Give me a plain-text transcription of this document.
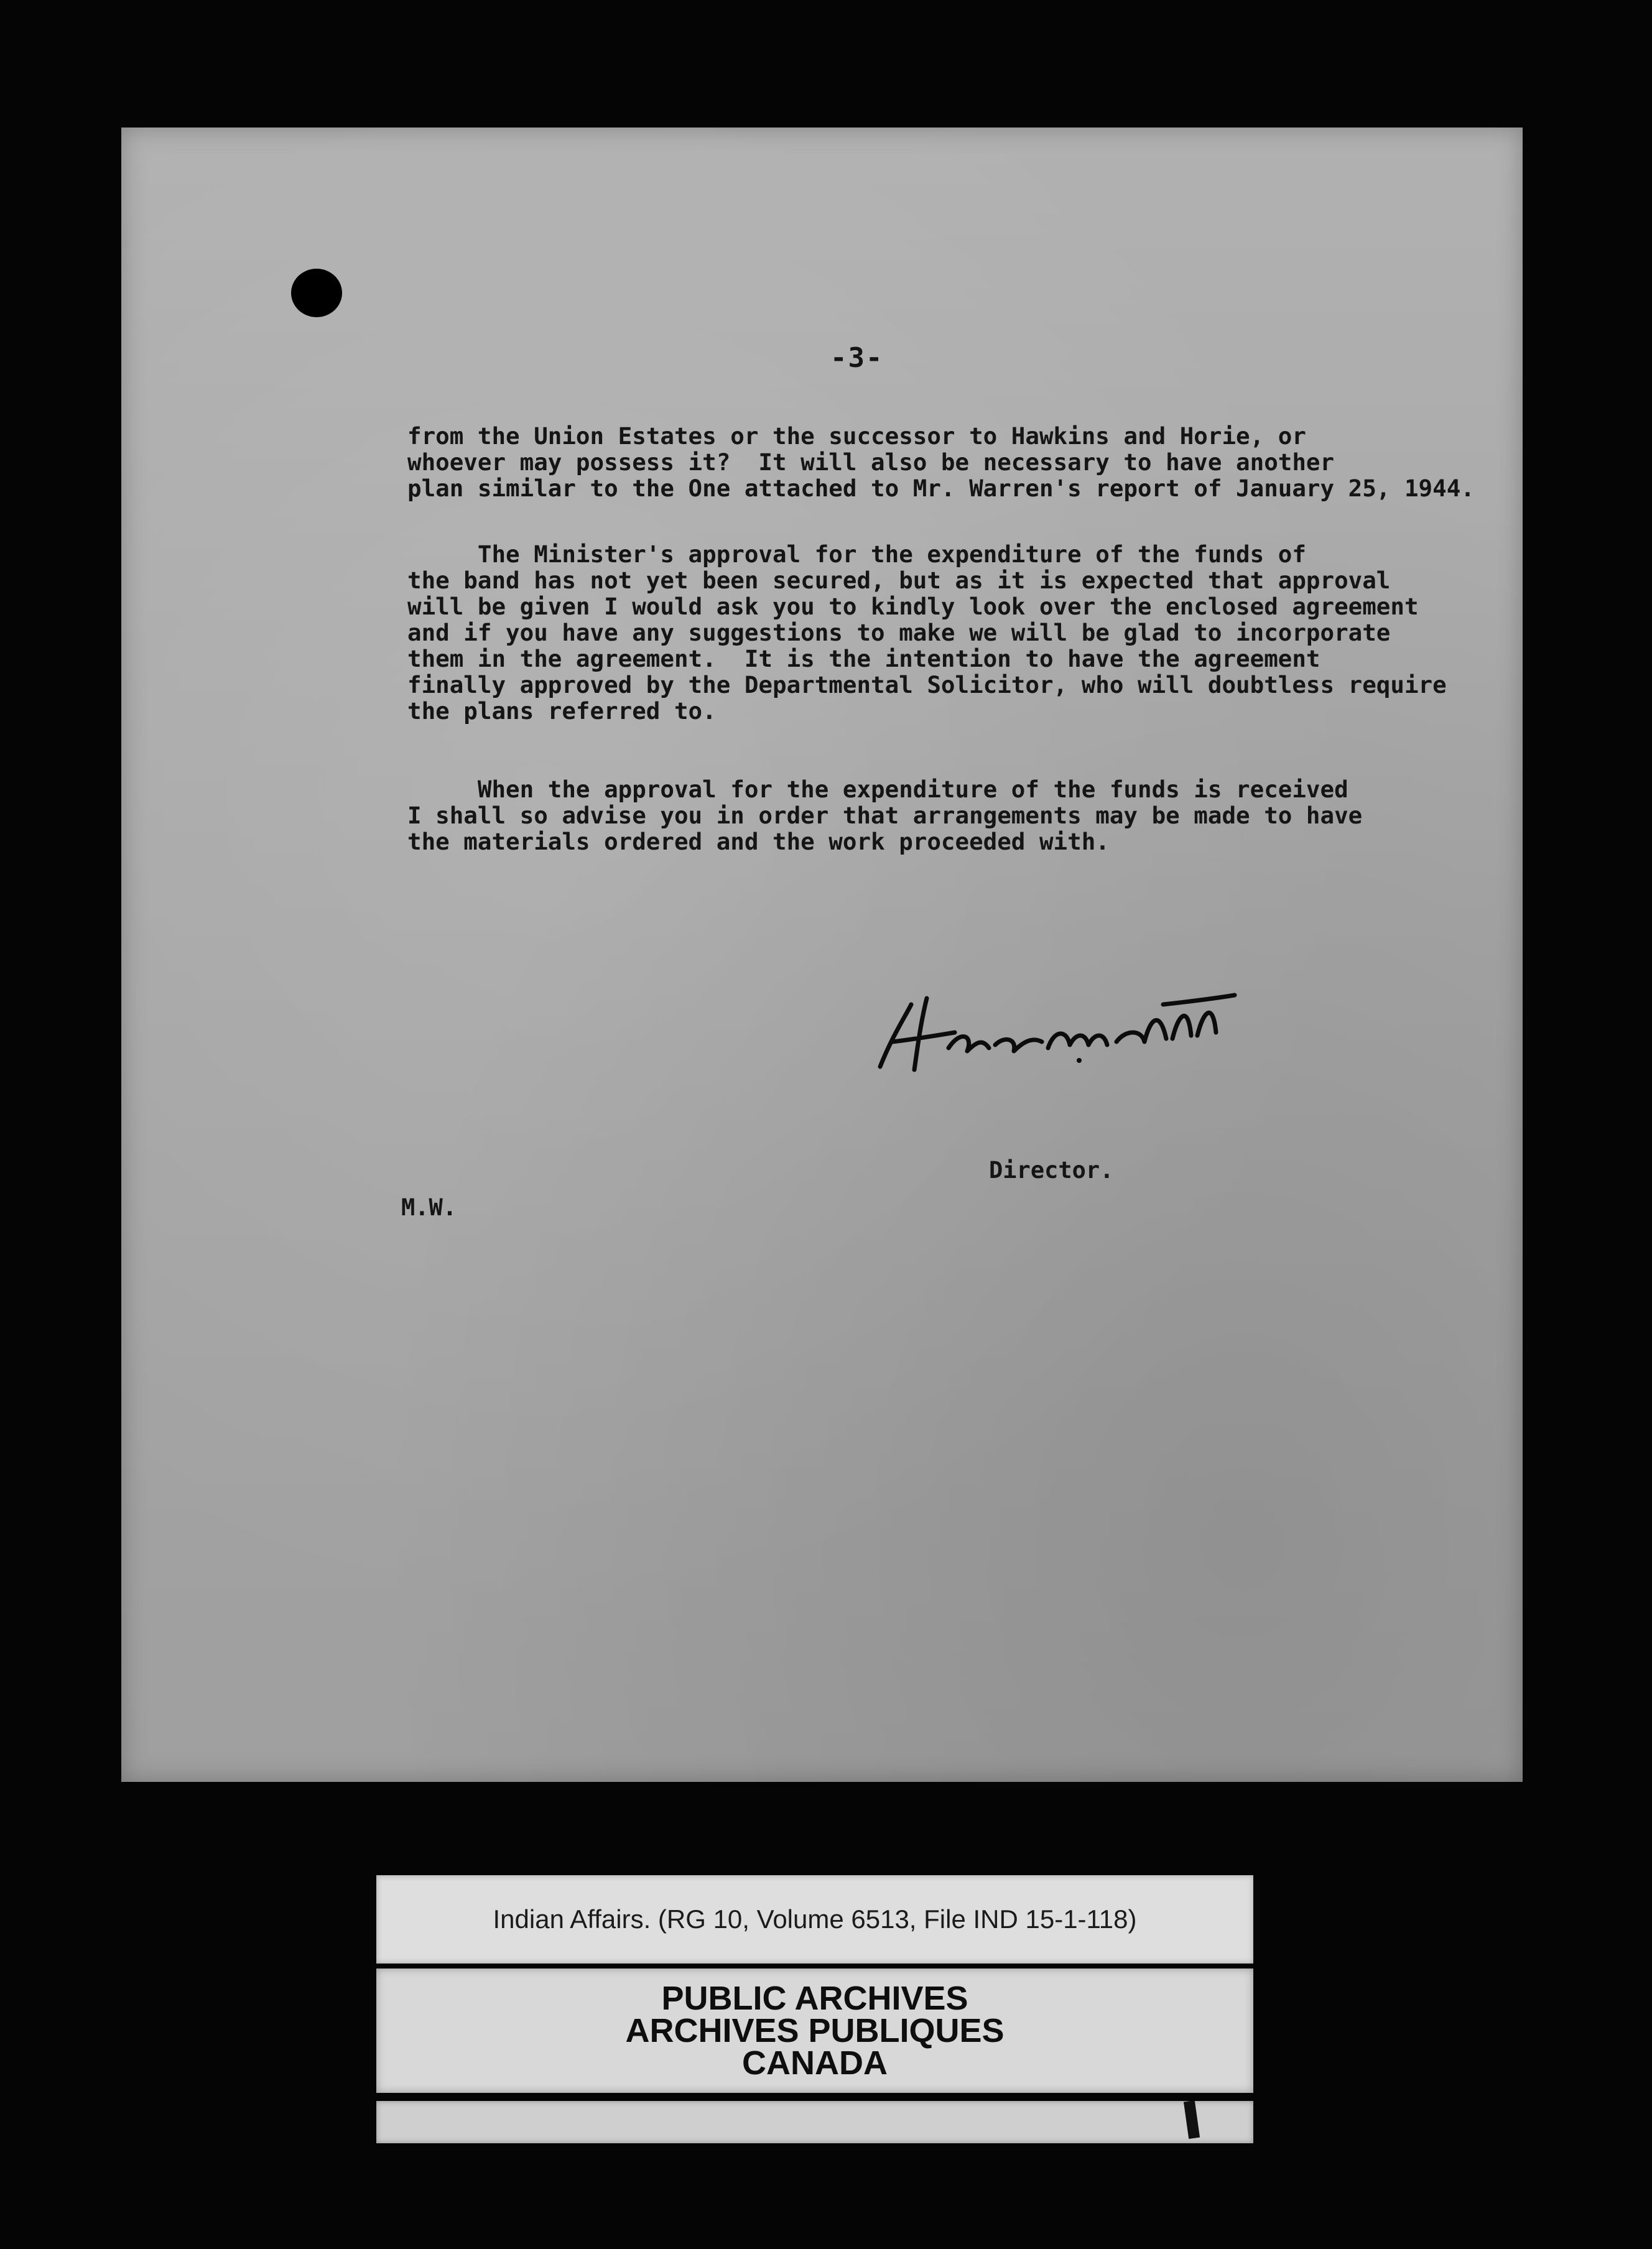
-3-
from the Union Estates or the successor to Hawkins and Horie, or
whoever may possess it?  It will also be necessary to have another
plan similar to the One attached to Mr. Warren's report of January 25, 1944.
The Minister's approval for the expenditure of the funds of
the band has not yet been secured, but as it is expected that approval
will be given I would ask you to kindly look over the enclosed agreement
and if you have any suggestions to make we will be glad to incorporate
them in the agreement.  It is the intention to have the agreement
finally approved by the Departmental Solicitor, who will doubtless require
the plans referred to.
When the approval for the expenditure of the funds is received
I shall so advise you in order that arrangements may be made to have
the materials ordered and the work proceeded with.
Director.
M.W.
Indian Affairs. (RG 10, Volume 6513, File IND 15-1-118)
PUBLIC ARCHIVES
ARCHIVES PUBLIQUES
CANADA
